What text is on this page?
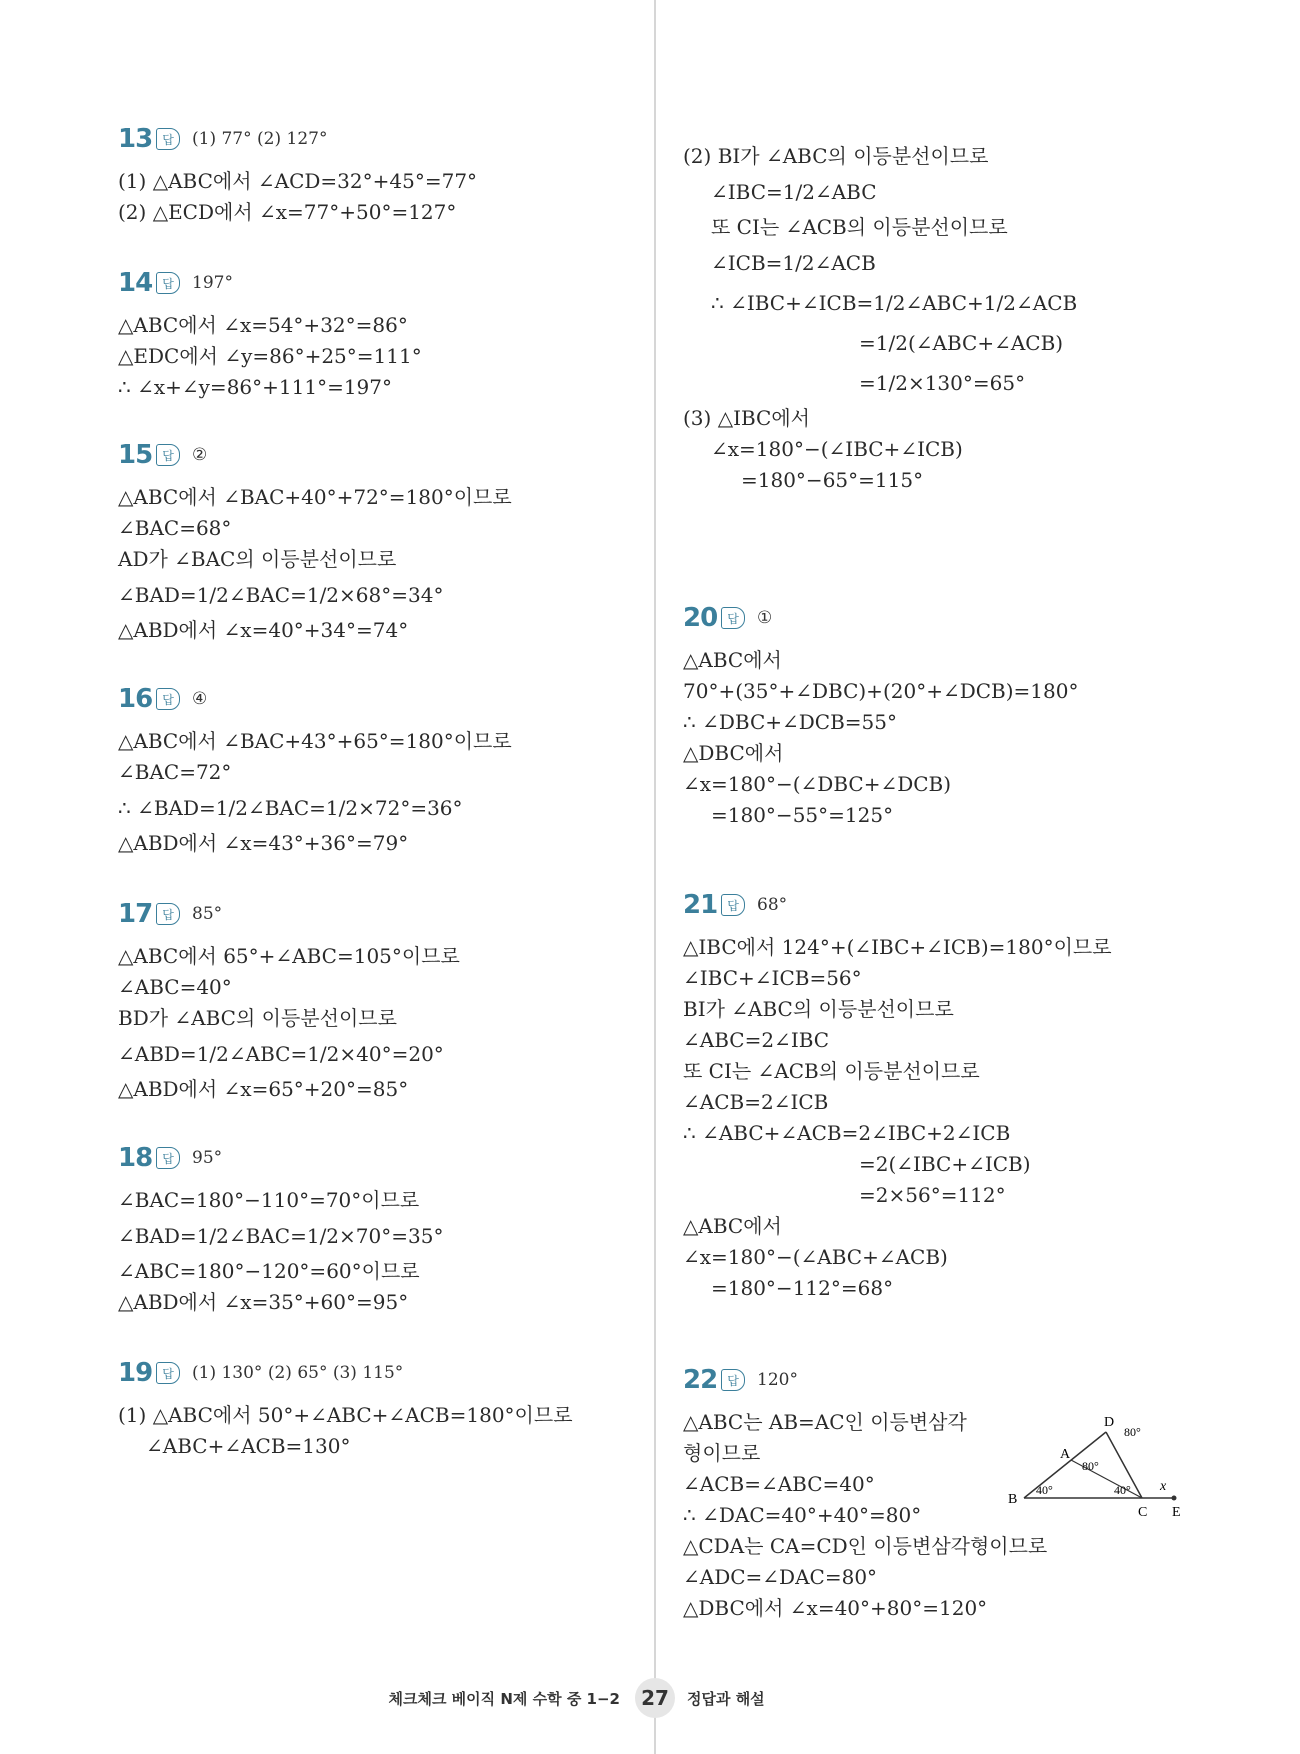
13 답	(1) 77° (2) 127°
(1) △ABC에서 ∠ACD=32°+45°=77°
(2) △ECD에서 ∠x=77°+50°=127°
14 답	197°
△ABC에서 ∠x=54°+32°=86°
△EDC에서 ∠y=86°+25°=111°
∴ ∠x+∠y=86°+111°=197°
15 답	②
△ABC에서 ∠BAC+40°+72°=180°이므로
∠BAC=68°
AD가 ∠BAC의 이등분선이므로
∠BAD=1/2∠BAC=1/2×68°=34°
△ABD에서 ∠x=40°+34°=74°
16 답	④
△ABC에서 ∠BAC+43°+65°=180°이므로
∠BAC=72°
∴ ∠BAD=1/2∠BAC=1/2×72°=36°
△ABD에서 ∠x=43°+36°=79°
17 답	85°
△ABC에서 65°+∠ABC=105°이므로
∠ABC=40°
BD가 ∠ABC의 이등분선이므로
∠ABD=1/2∠ABC=1/2×40°=20°
△ABD에서 ∠x=65°+20°=85°
18 답	95°
∠BAC=180°−110°=70°이므로
∠BAD=1/2∠BAC=1/2×70°=35°
∠ABC=180°−120°=60°이므로
△ABD에서 ∠x=35°+60°=95°
19 답	(1) 130° (2) 65° (3) 115°
(1) △ABC에서 50°+∠ABC+∠ACB=180°이므로
∠ABC+∠ACB=130°
(2) BI가 ∠ABC의 이등분선이므로
∠IBC=1/2∠ABC
또 CI는 ∠ACB의 이등분선이므로
∠ICB=1/2∠ACB
∴ ∠IBC+∠ICB=1/2∠ABC+1/2∠ACB
=1/2(∠ABC+∠ACB)
=1/2×130°=65°
(3) △IBC에서
∠x=180°−(∠IBC+∠ICB)
=180°−65°=115°
20 답	①
△ABC에서
70°+(35°+∠DBC)+(20°+∠DCB)=180°
∴ ∠DBC+∠DCB=55°
△DBC에서
∠x=180°−(∠DBC+∠DCB)
=180°−55°=125°
21 답	68°
△IBC에서 124°+(∠IBC+∠ICB)=180°이므로
∠IBC+∠ICB=56°
BI가 ∠ABC의 이등분선이므로
∠ABC=2∠IBC
또 CI는 ∠ACB의 이등분선이므로
∠ACB=2∠ICB
∴ ∠ABC+∠ACB=2∠IBC+2∠ICB
=2(∠IBC+∠ICB)
=2×56°=112°
△ABC에서
∠x=180°−(∠ABC+∠ACB)
=180°−112°=68°
22 답	120°
△ABC는 AB=AC인 이등변삼각
형이므로
∠ACB=∠ABC=40°
∴ ∠DAC=40°+40°=80°
△CDA는 CA=CD인 이등변삼각형이므로
∠ADC=∠DAC=80°
△DBC에서 ∠x=40°+80°=120°
A
B
C
D
E
x
40°	40°
80°
80°
체크체크 베이직 N제 수학 중 1−2	27	정답과 해설
